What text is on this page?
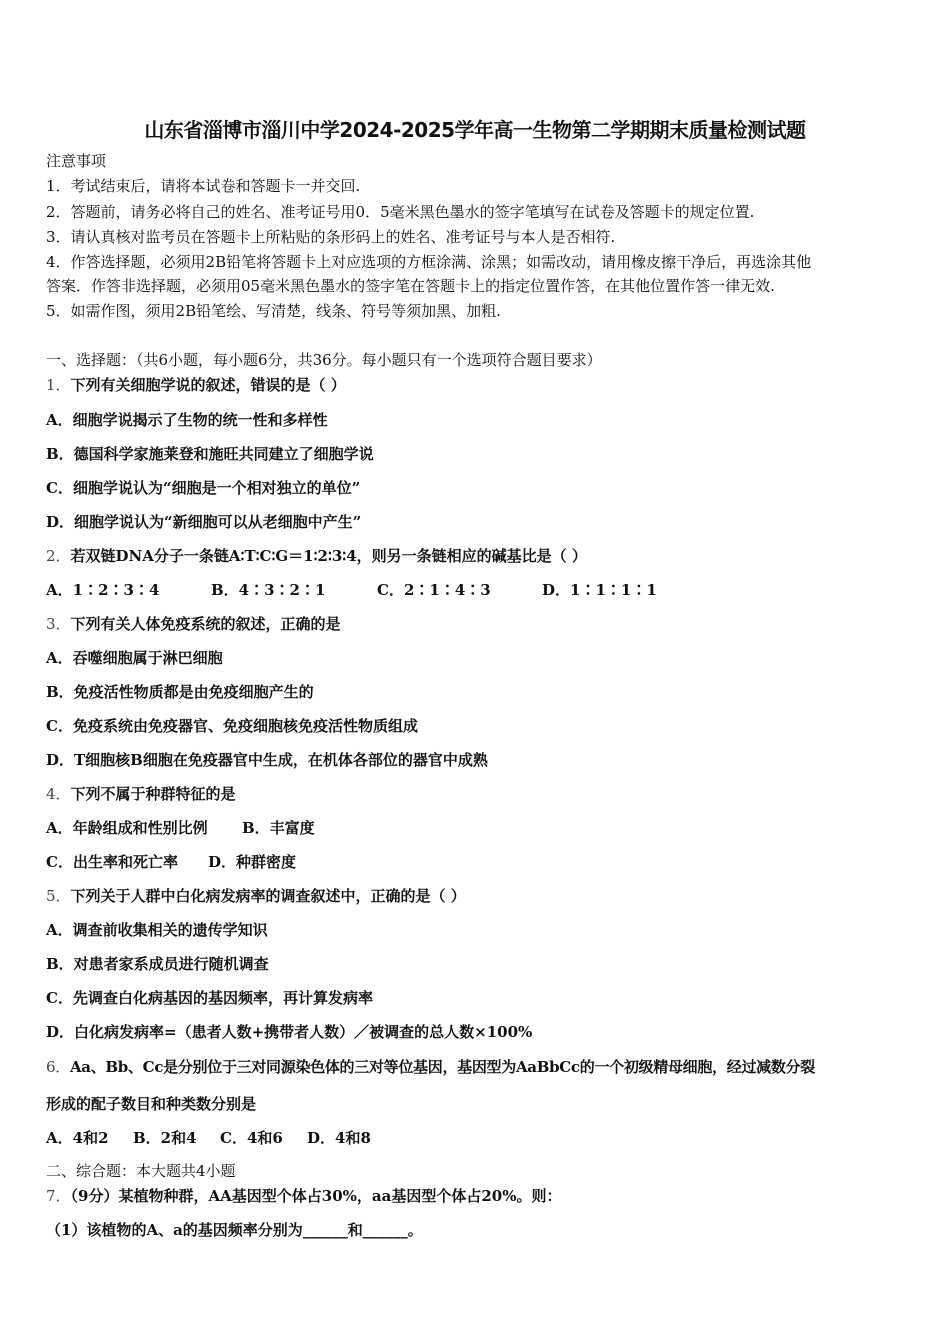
山东省淄博市淄川中学2024-2025学年高一生物第二学期期末质量检测试题
注意事项
1．考试结束后，请将本试卷和答题卡一并交回.
2．答题前，请务必将自己的姓名、准考证号用0．5毫米黑色墨水的签字笔填写在试卷及答题卡的规定位置.
3．请认真核对监考员在答题卡上所粘贴的条形码上的姓名、准考证号与本人是否相符.
4．作答选择题，必须用2B铅笔将答题卡上对应选项的方框涂满、涂黑；如需改动，请用橡皮擦干净后，再选涂其他
答案．作答非选择题，必须用05毫米黑色墨水的签字笔在答题卡上的指定位置作答，在其他位置作答一律无效.
5．如需作图，须用2B铅笔绘、写清楚，线条、符号等须加黑、加粗.
一、选择题：（共6小题，每小题6分，共36分。每小题只有一个选项符合题目要求）
1．下列有关细胞学说的叙述，错误的是（ ）
A．细胞学说揭示了生物的统一性和多样性
B．德国科学家施莱登和施旺共同建立了细胞学说
C．细胞学说认为“细胞是一个相对独立的单位”
D．细胞学说认为“新细胞可以从老细胞中产生”
2．若双链DNA分子一条链A∶T∶C∶G＝1∶2∶3∶4，则另一条链相应的碱基比是（ ）
A．1∶2∶3∶4	B．4∶3∶2∶1	C．2∶1∶4∶3	D．1∶1∶1∶1
3．下列有关人体免疫系统的叙述，正确的是
A．吞噬细胞属于淋巴细胞
B．免疫活性物质都是由免疫细胞产生的
C．免疫系统由免疫器官、免疫细胞核免疫活性物质组成
D．T细胞核B细胞在免疫器官中生成，在机体各部位的器官中成熟
4．下列不属于种群特征的是
A．年龄组成和性别比例 B．丰富度
C．出生率和死亡率 D．种群密度
5．下列关于人群中白化病发病率的调查叙述中，正确的是（ ）
A．调查前收集相关的遗传学知识
B．对患者家系成员进行随机调查
C．先调查白化病基因的基因频率，再计算发病率
D．白化病发病率=（患者人数+携带者人数）／被调查的总人数×100%
6．Aa、Bb、Cc是分别位于三对同源染色体的三对等位基因，基因型为AaBbCc的一个初级精母细胞，经过减数分裂
形成的配子数目和种类数分别是
A．4和2 B．2和4 C．4和6 D．4和8
二、综合题：本大题共4小题
7．（9分）某植物种群，AA基因型个体占30%，aa基因型个体占20%。则：
（1）该植物的A、a的基因频率分别为______和______。
